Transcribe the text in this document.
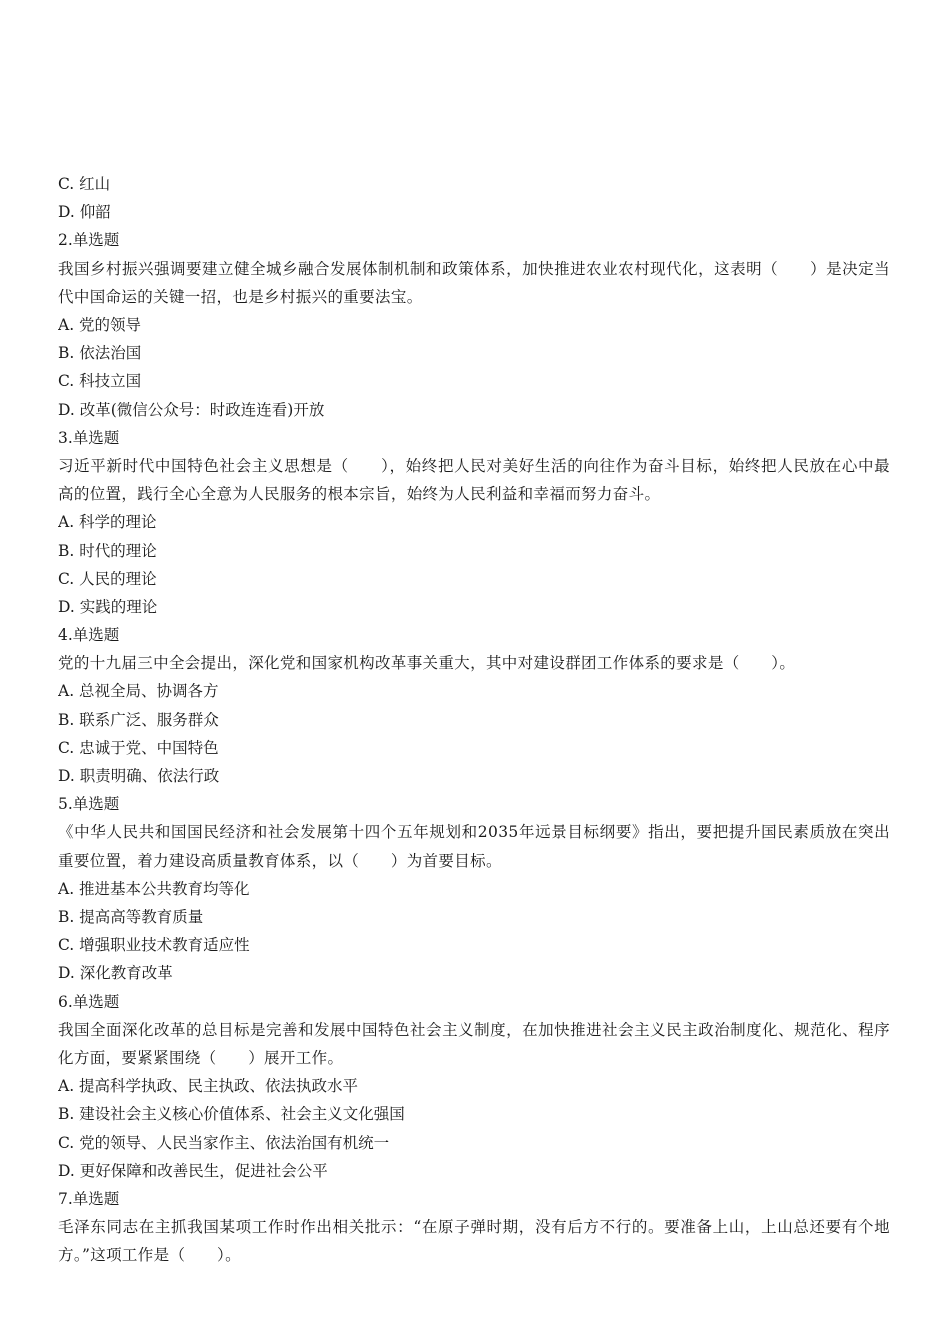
C. 红山
D. 仰韶
2.单选题
我国乡村振兴强调要建立健全城乡融合发展体制机制和政策体系，加快推进农业农村现代化，这表明（　　）是决定当代中国命运的关键一招，也是乡村振兴的重要法宝。
A. 党的领导
B. 依法治国
C. 科技立国
D. 改革(微信公众号：时政连连看)开放
3.单选题
习近平新时代中国特色社会主义思想是（　　），始终把人民对美好生活的向往作为奋斗目标，始终把人民放在心中最高的位置，践行全心全意为人民服务的根本宗旨，始终为人民利益和幸福而努力奋斗。
A. 科学的理论
B. 时代的理论
C. 人民的理论
D. 实践的理论
4.单选题
党的十九届三中全会提出，深化党和国家机构改革事关重大，其中对建设群团工作体系的要求是（　　）。
A. 总视全局、协调各方
B. 联系广泛、服务群众
C. 忠诚于党、中国特色
D. 职责明确、依法行政
5.单选题
《中华人民共和国国民经济和社会发展第十四个五年规划和2035年远景目标纲要》指出，要把提升国民素质放在突出重要位置，着力建设高质量教育体系，以（　　）为首要目标。
A. 推进基本公共教育均等化
B. 提高高等教育质量
C. 增强职业技术教育适应性
D. 深化教育改革
6.单选题
我国全面深化改革的总目标是完善和发展中国特色社会主义制度，在加快推进社会主义民主政治制度化、规范化、程序化方面，要紧紧围绕（　　）展开工作。
A. 提高科学执政、民主执政、依法执政水平
B. 建设社会主义核心价值体系、社会主义文化强国
C. 党的领导、人民当家作主、依法治国有机统一
D. 更好保障和改善民生，促进社会公平
7.单选题
毛泽东同志在主抓我国某项工作时作出相关批示：“在原子弹时期，没有后方不行的。要准备上山，上山总还要有个地方。”这项工作是（　　）。
